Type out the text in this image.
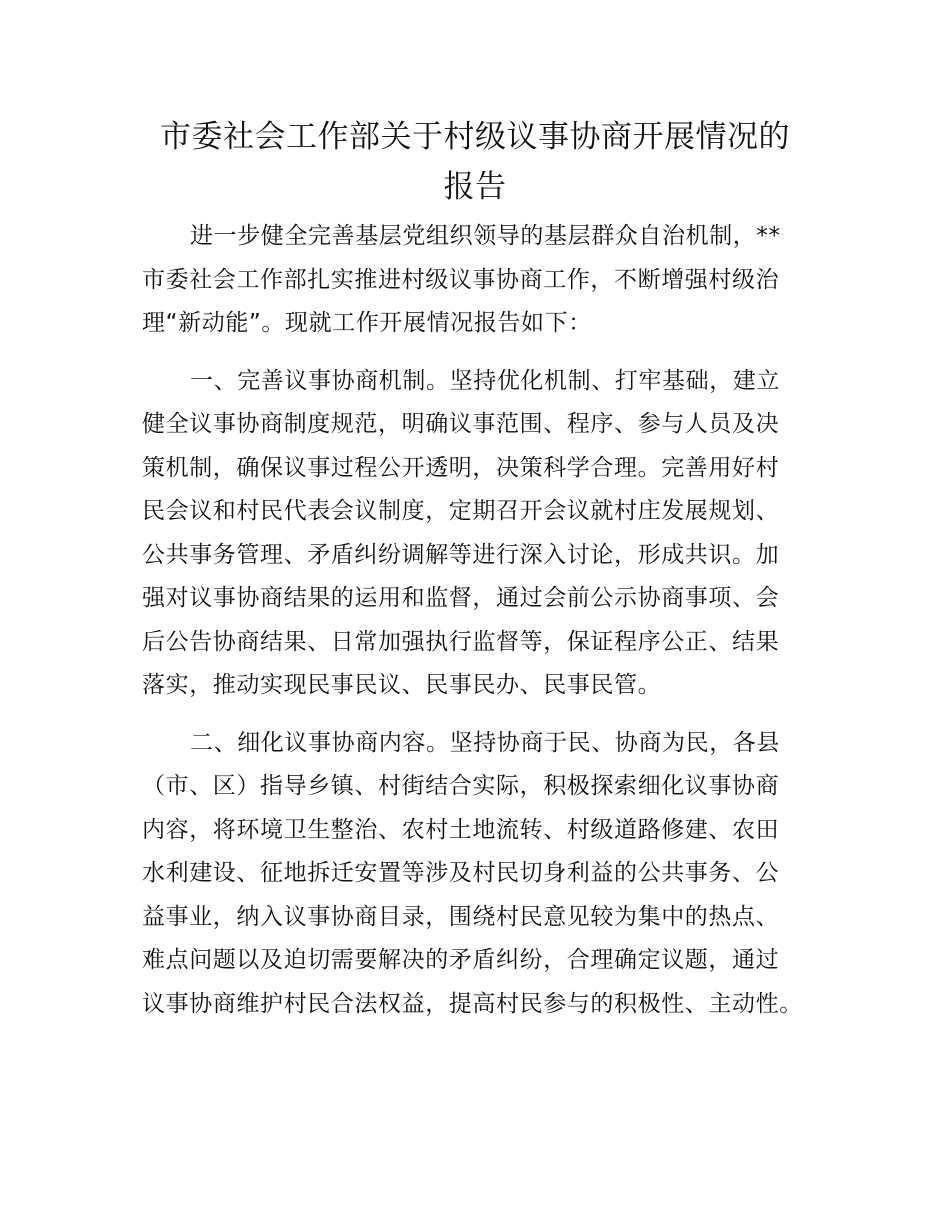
市委社会工作部关于村级议事协商开展情况的
报告
进一步健全完善基层党组织领导的基层群众自治机制，**
市委社会工作部扎实推进村级议事协商工作，不断增强村级治
理“新动能”。现就工作开展情况报告如下：
一、完善议事协商机制。坚持优化机制、打牢基础，建立
健全议事协商制度规范，明确议事范围、程序、参与人员及决
策机制，确保议事过程公开透明，决策科学合理。完善用好村
民会议和村民代表会议制度，定期召开会议就村庄发展规划、
公共事务管理、矛盾纠纷调解等进行深入讨论，形成共识。加
强对议事协商结果的运用和监督，通过会前公示协商事项、会
后公告协商结果、日常加强执行监督等，保证程序公正、结果
落实，推动实现民事民议、民事民办、民事民管。
二、细化议事协商内容。坚持协商于民、协商为民，各县
（市、区）指导乡镇、村街结合实际，积极探索细化议事协商
内容，将环境卫生整治、农村土地流转、村级道路修建、农田
水利建设、征地拆迁安置等涉及村民切身利益的公共事务、公
益事业，纳入议事协商目录，围绕村民意见较为集中的热点、
难点问题以及迫切需要解决的矛盾纠纷，合理确定议题，通过
议事协商维护村民合法权益，提高村民参与的积极性、主动性。
